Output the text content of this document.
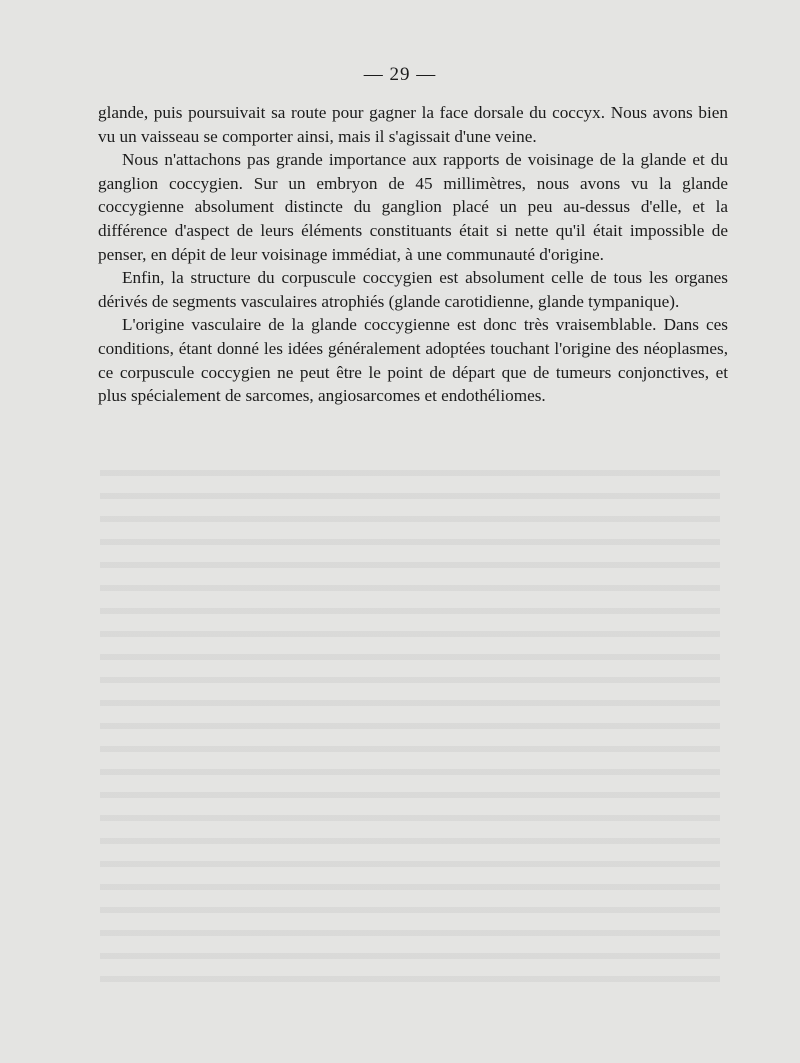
— 29 —

glande, puis poursuivait sa route pour gagner la face dorsale du coccyx. Nous avons bien vu un vaisseau se comporter ainsi, mais il s'agissait d'une veine.

Nous n'attachons pas grande importance aux rapports de voisinage de la glande et du ganglion coccygien. Sur un embryon de 45 millimètres, nous avons vu la glande coccygienne absolument distincte du ganglion placé un peu au-dessus d'elle, et la différence d'aspect de leurs éléments constituants était si nette qu'il était impossible de penser, en dépit de leur voisinage immédiat, à une communauté d'origine.

Enfin, la structure du corpuscule coccygien est absolument celle de tous les organes dérivés de segments vasculaires atrophiés (glande carotidienne, glande tympanique).

L'origine vasculaire de la glande coccygienne est donc très vraisemblable. Dans ces conditions, étant donné les idées généralement adoptées touchant l'origine des néoplasmes, ce corpuscule coccygien ne peut être le point de départ que de tumeurs conjonctives, et plus spécialement de sarcomes, angiosarcomes et endothéliomes.
